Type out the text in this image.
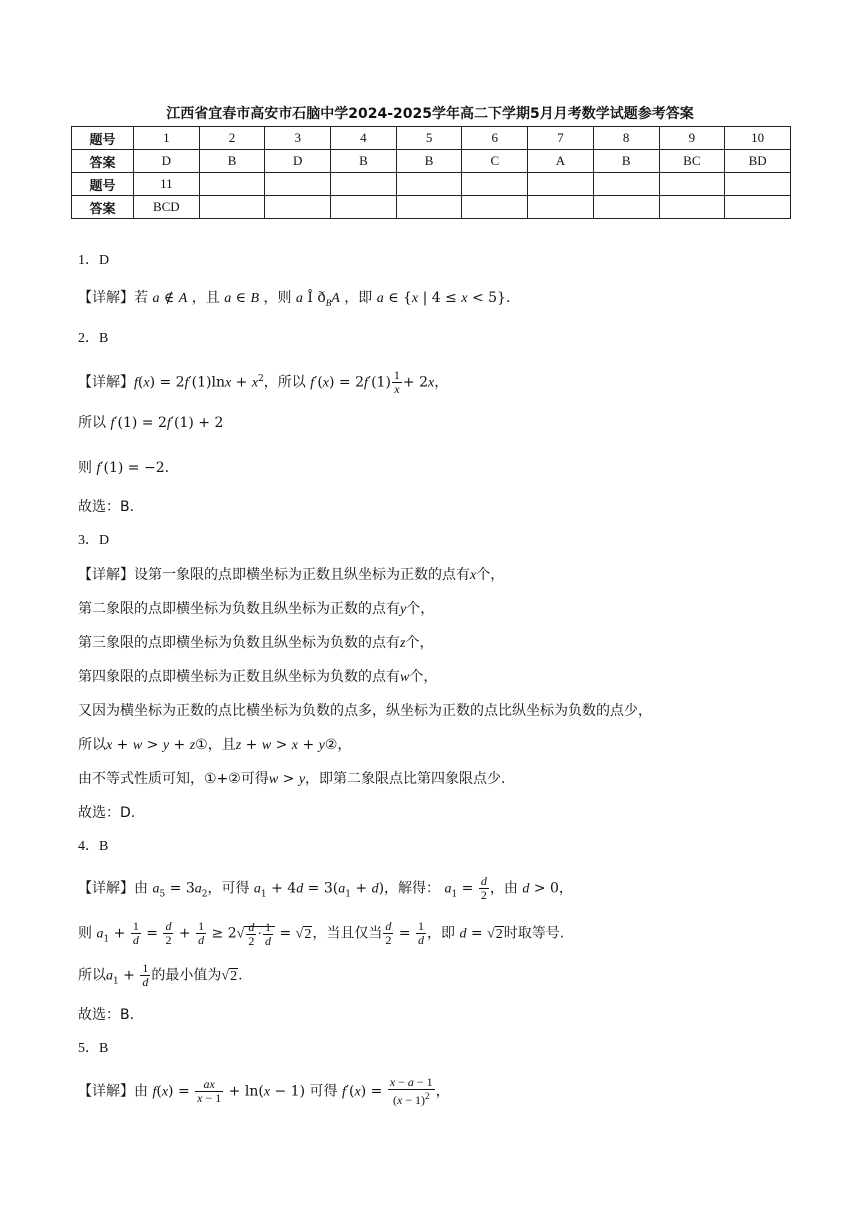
江西省宜春市高安市石脑中学2024-2025学年高二下学期5月月考数学试题参考答案
题号	1	2	3	4	5	6	7	8	9	10
答案	D	B	D	B	B	C	A	B	BC	BD
题号	11									
答案	BCD									
1．D
【详解】若 a ∉ A ，且 a ∈ B ，则 a Î $ð_BA$ ，即 a ∈ {x | 4 ≤ x < 5}.
2．B
【详解】$f(x) = 2f'(1)\ln x + x^2$，所以 $f'(x) = 2f'(1) \frac{1}{x} + 2x$，
所以 f′(1) = 2f′(1) + 2
则 f′(1) = −2.
故选：B.
3．D
【详解】设第一象限的点即横坐标为正数且纵坐标为正数的点有x个，
第二象限的点即横坐标为负数且纵坐标为正数的点有y个，
第三象限的点即横坐标为负数且纵坐标为负数的点有z个，
第四象限的点即横坐标为正数且纵坐标为负数的点有w个，
又因为横坐标为正数的点比横坐标为负数的点多，纵坐标为正数的点比纵坐标为负数的点少，
所以x + w > y + z①，且z + w > x + y②，
由不等式性质可知，①+②可得w > y，即第二象限点比第四象限点少.
故选：D.
4．B
【详解】由 $a_5 = 3a_2$，可得 $a_1 + 4d = 3(a_1 + d)$，解得： $a_1 = \frac{d}{2}$ ，由 d > 0，
则 $a_1 + \frac{1}{d} = \frac{d}{2} + \frac{1}{d} \ge 2√ \frac{d}{2} \cdot \frac{1}{d} = √2$，当且仅当 $\frac{d}{2} = \frac{1}{d}$ ，即 d = √2时取等号.
所以$a_1 + \frac{1}{d}$ 的最小值为√2.
故选：B.
5．B
【详解】由 $f(x) = \frac{ax}{x - 1} + \ln(x - 1)$ 可得 $f'(x) = \frac{x - a - 1}{(x - 1)^2}$ ，
